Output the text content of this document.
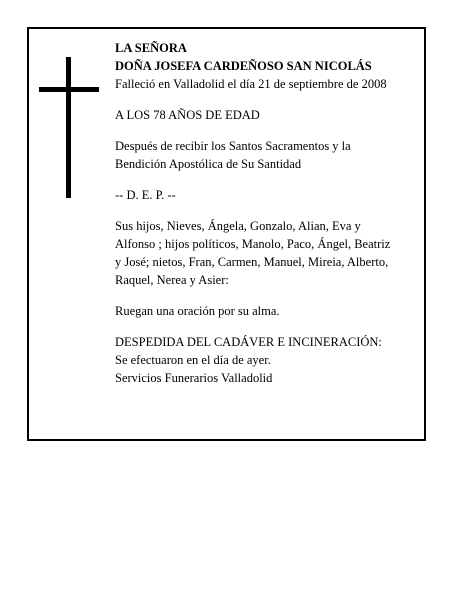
LA SEÑORA
DOÑA JOSEFA CARDEÑOSO SAN NICOLÁS
Falleció en Valladolid el día 21 de septiembre de 2008
A LOS 78 AÑOS DE EDAD
Después de recibir los Santos Sacramentos y la
Bendición Apostólica de Su Santidad
-- D. E. P. --
Sus hijos, Nieves, Ángela, Gonzalo, Alian, Eva y
Alfonso ; hijos políticos, Manolo, Paco, Ángel, Beatriz
y José; nietos, Fran, Carmen, Manuel, Mireia, Alberto,
Raquel, Nerea y Asier:
Ruegan una oración por su alma.
DESPEDIDA DEL CADÁVER E INCINERACIÓN:
Se efectuaron en el día de ayer.
Servicios Funerarios Valladolid
